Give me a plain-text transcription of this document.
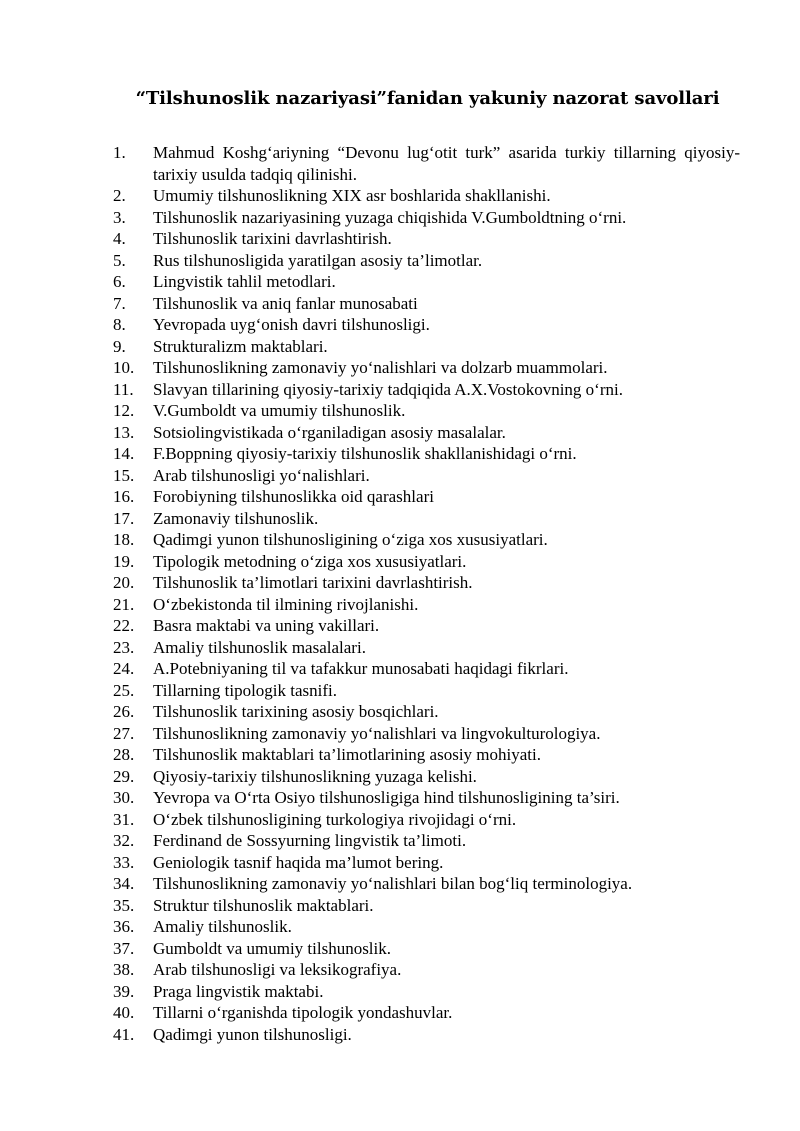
“Tilshunoslik nazariyasi”fanidan yakuniy nazorat savollari
1.	Mahmud Koshg‘ariyning “Devonu lug‘otit turk” asarida turkiy tillarning qiyosiy-tarixiy usulda tadqiq qilinishi.
2.	Umumiy tilshunoslikning XIX asr boshlarida shakllanishi.
3.	Tilshunoslik nazariyasining yuzaga chiqishida V.Gumboldtning o‘rni.
4.	Tilshunoslik tarixini davrlashtirish.
5.	Rus tilshunosligida yaratilgan asosiy ta’limotlar.
6.	Lingvistik tahlil metodlari.
7.	Tilshunoslik va aniq fanlar munosabati
8.	Yevropada uyg‘onish davri tilshunosligi.
9.	Strukturalizm maktablari.
10.	Tilshunoslikning zamonaviy yo‘nalishlari va dolzarb muammolari.
11.	Slavyan tillarining qiyosiy-tarixiy tadqiqida A.X.Vostokovning o‘rni.
12.	V.Gumboldt va umumiy tilshunoslik.
13.	Sotsiolingvistikada o‘rganiladigan asosiy masalalar.
14.	F.Boppning qiyosiy-tarixiy tilshunoslik shakllanishidagi o‘rni.
15.	Arab tilshunosligi yo‘nalishlari.
16.	Forobiyning tilshunoslikka oid qarashlari
17.	Zamonaviy tilshunoslik.
18.	Qadimgi yunon tilshunosligining o‘ziga xos xususiyatlari.
19.	Tipologik metodning o‘ziga xos xususiyatlari.
20.	Tilshunoslik ta’limotlari tarixini davrlashtirish.
21.	O‘zbekistonda til ilmining rivojlanishi.
22.	Basra maktabi va uning vakillari.
23.	Amaliy tilshunoslik masalalari.
24.	A.Potebniyaning til va tafakkur munosabati haqidagi fikrlari.
25.	Tillarning tipologik tasnifi.
26.	Tilshunoslik tarixining asosiy bosqichlari.
27.	Tilshunoslikning zamonaviy yo‘nalishlari va lingvokulturologiya.
28.	Tilshunoslik maktablari ta’limotlarining asosiy mohiyati.
29.	Qiyosiy-tarixiy tilshunoslikning yuzaga kelishi.
30.	Yevropa va O‘rta Osiyo tilshunosligiga hind tilshunosligining ta’siri.
31.	O‘zbek tilshunosligining turkologiya rivojidagi o‘rni.
32.	Ferdinand de Sossyurning lingvistik ta’limoti.
33.	Geniologik tasnif haqida ma’lumot bering.
34.	Tilshunoslikning zamonaviy yo‘nalishlari bilan bog‘liq terminologiya.
35.	Struktur tilshunoslik maktablari.
36.	Amaliy tilshunoslik.
37.	Gumboldt va umumiy tilshunoslik.
38.	Arab tilshunosligi va leksikografiya.
39.	Praga lingvistik maktabi.
40.	Tillarni o‘rganishda tipologik yondashuvlar.
41.	Qadimgi yunon tilshunosligi.
